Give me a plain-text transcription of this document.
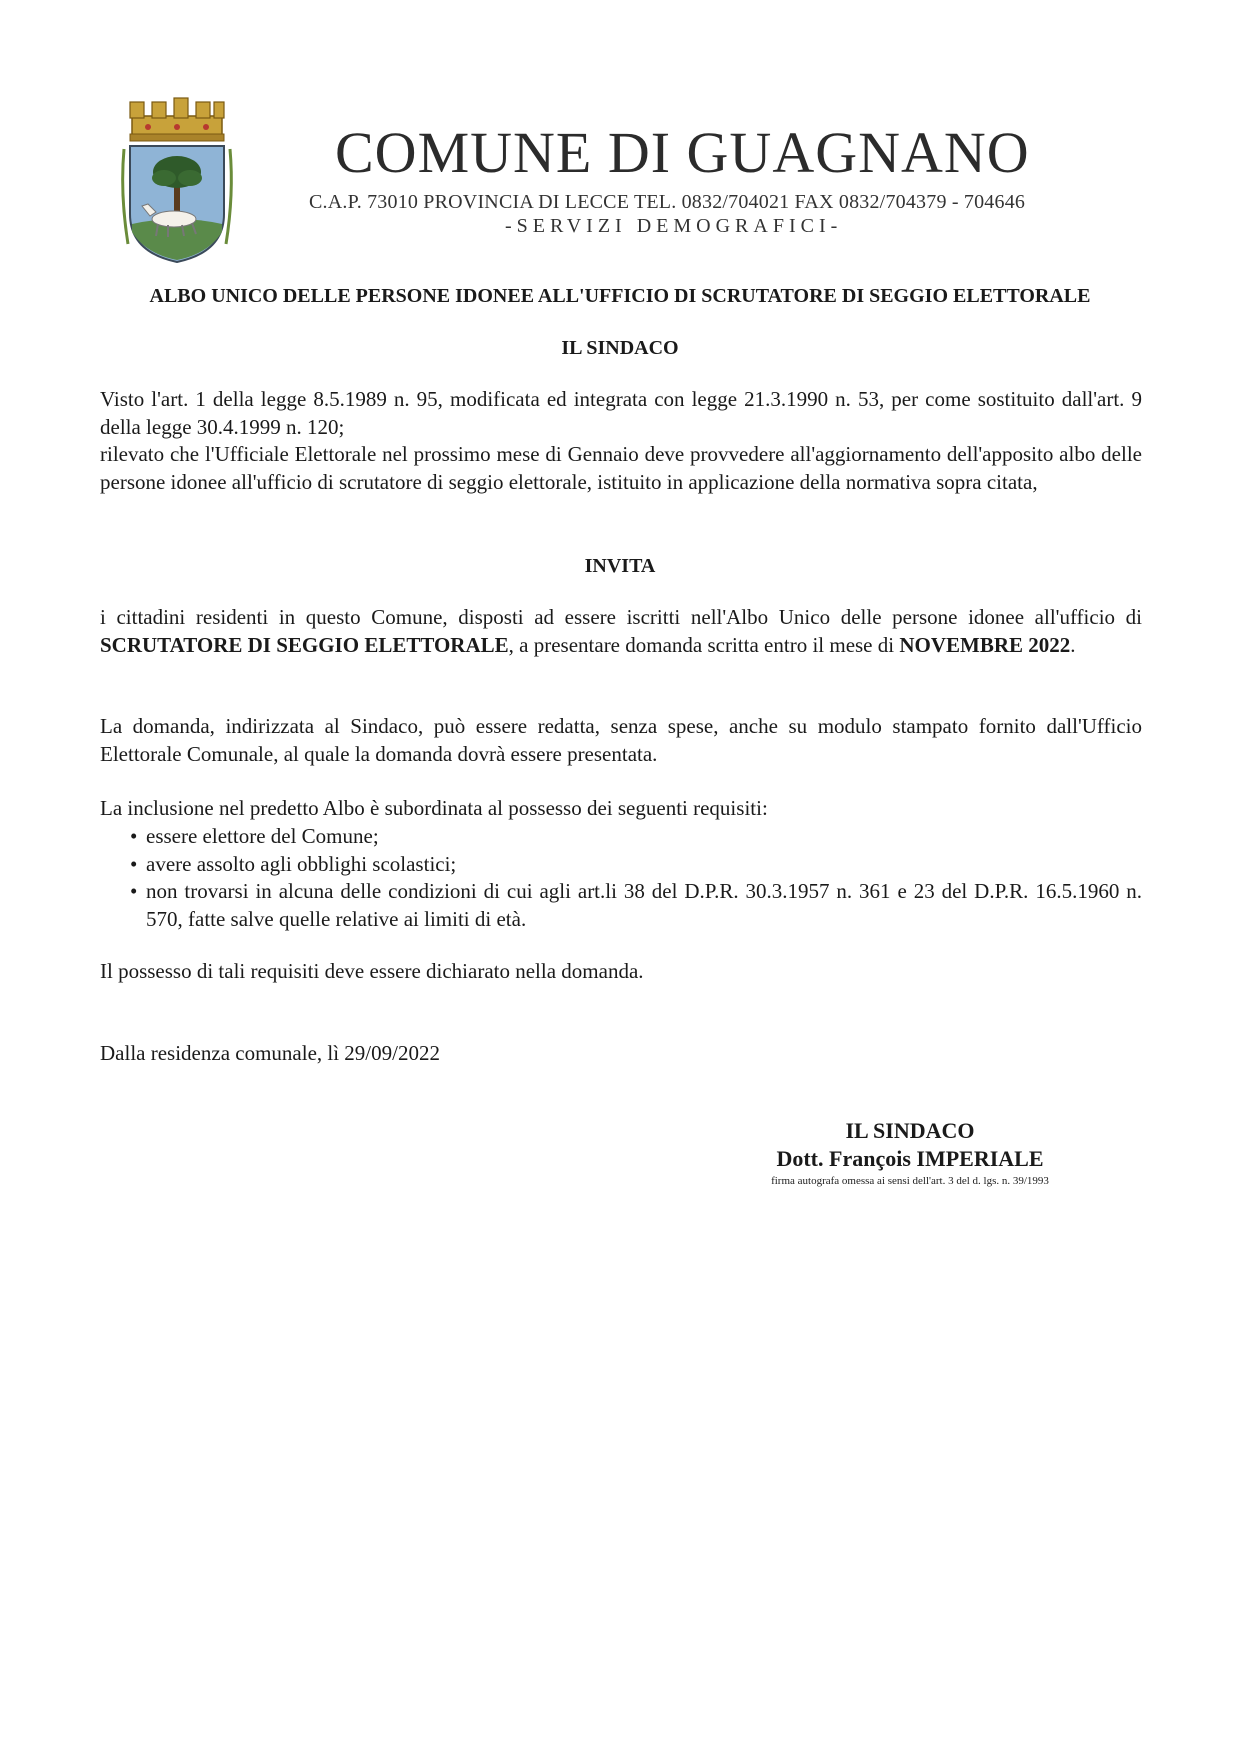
COMUNE DI GUAGNANO
C.A.P. 73010 PROVINCIA DI LECCE TEL. 0832/704021 FAX 0832/704379 - 704646
-SERVIZI DEMOGRAFICI-
ALBO UNICO DELLE PERSONE IDONEE ALL'UFFICIO DI SCRUTATORE DI SEGGIO ELETTORALE
IL SINDACO
Visto l'art. 1 della legge 8.5.1989 n. 95, modificata ed integrata con legge 21.3.1990 n. 53, per come sostituito dall'art. 9 della legge 30.4.1999 n. 120;
rilevato che l'Ufficiale Elettorale nel prossimo mese di Gennaio deve provvedere all'aggiornamento dell'apposito albo delle persone idonee all'ufficio di scrutatore di seggio elettorale, istituito in applicazione della normativa sopra citata,
INVITA
i cittadini residenti in questo Comune, disposti ad essere iscritti nell'Albo Unico delle persone idonee all'ufficio di SCRUTATORE DI SEGGIO ELETTORALE, a presentare domanda scritta entro il mese di NOVEMBRE 2022.
La domanda, indirizzata al Sindaco, può essere redatta, senza spese, anche su modulo stampato fornito dall'Ufficio Elettorale Comunale, al quale la domanda dovrà essere presentata.
La inclusione nel predetto Albo è subordinata al possesso dei seguenti requisiti:
• essere elettore del Comune;
• avere assolto agli obblighi scolastici;
• non trovarsi in alcuna delle condizioni di cui agli art.li 38 del D.P.R. 30.3.1957 n. 361 e 23 del D.P.R. 16.5.1960 n. 570, fatte salve quelle relative ai limiti di età.
Il possesso di tali requisiti deve essere dichiarato nella domanda.
Dalla residenza comunale, lì 29/09/2022
IL SINDACO
Dott. François IMPERIALE
firma autografa omessa ai sensi dell'art. 3 del d. lgs. n. 39/1993
